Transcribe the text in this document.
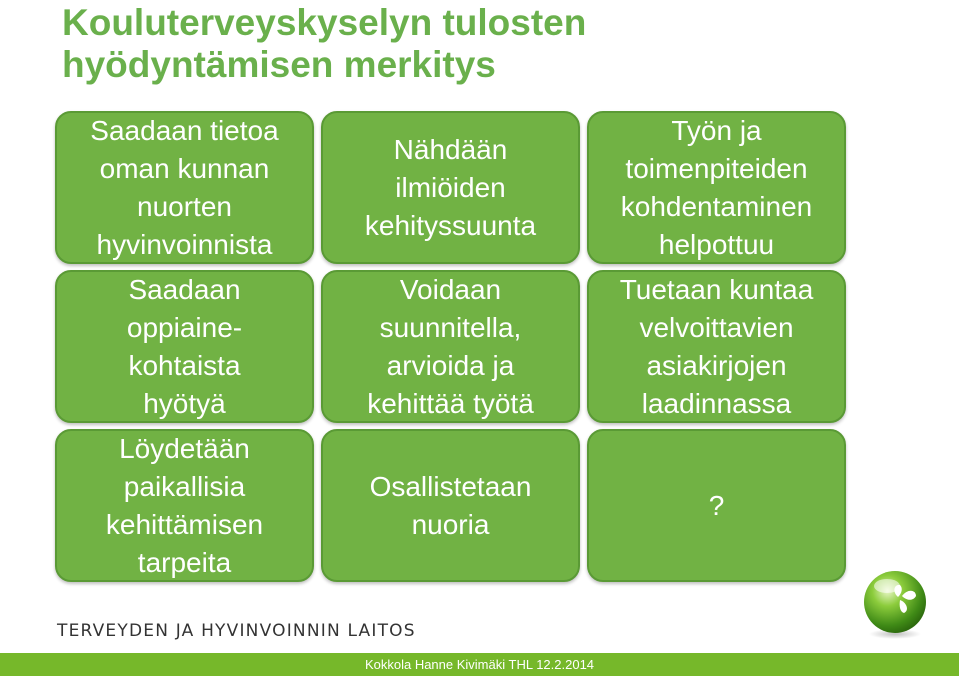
Kouluterveyskyselyn tulosten
hyödyntämisen merkitys
Saadaan tietoa
oman kunnan
nuorten
hyvinvoinnista
Nähdään
ilmiöiden
kehityssuunta
Työn ja
toimenpiteiden
kohdentaminen
helpottuu
Saadaan
oppiaine-
kohtaista
hyötyä
Voidaan
suunnitella,
arvioida ja
kehittää työtä
Tuetaan kuntaa
velvoittavien
asiakirjojen
laadinnassa
Löydetään
paikallisia
kehittämisen
tarpeita
Osallistetaan
nuoria
?
TERVEYDEN JA HYVINVOINNIN LAITOS
Kokkola Hanne Kivimäki THL 12.2.2014
